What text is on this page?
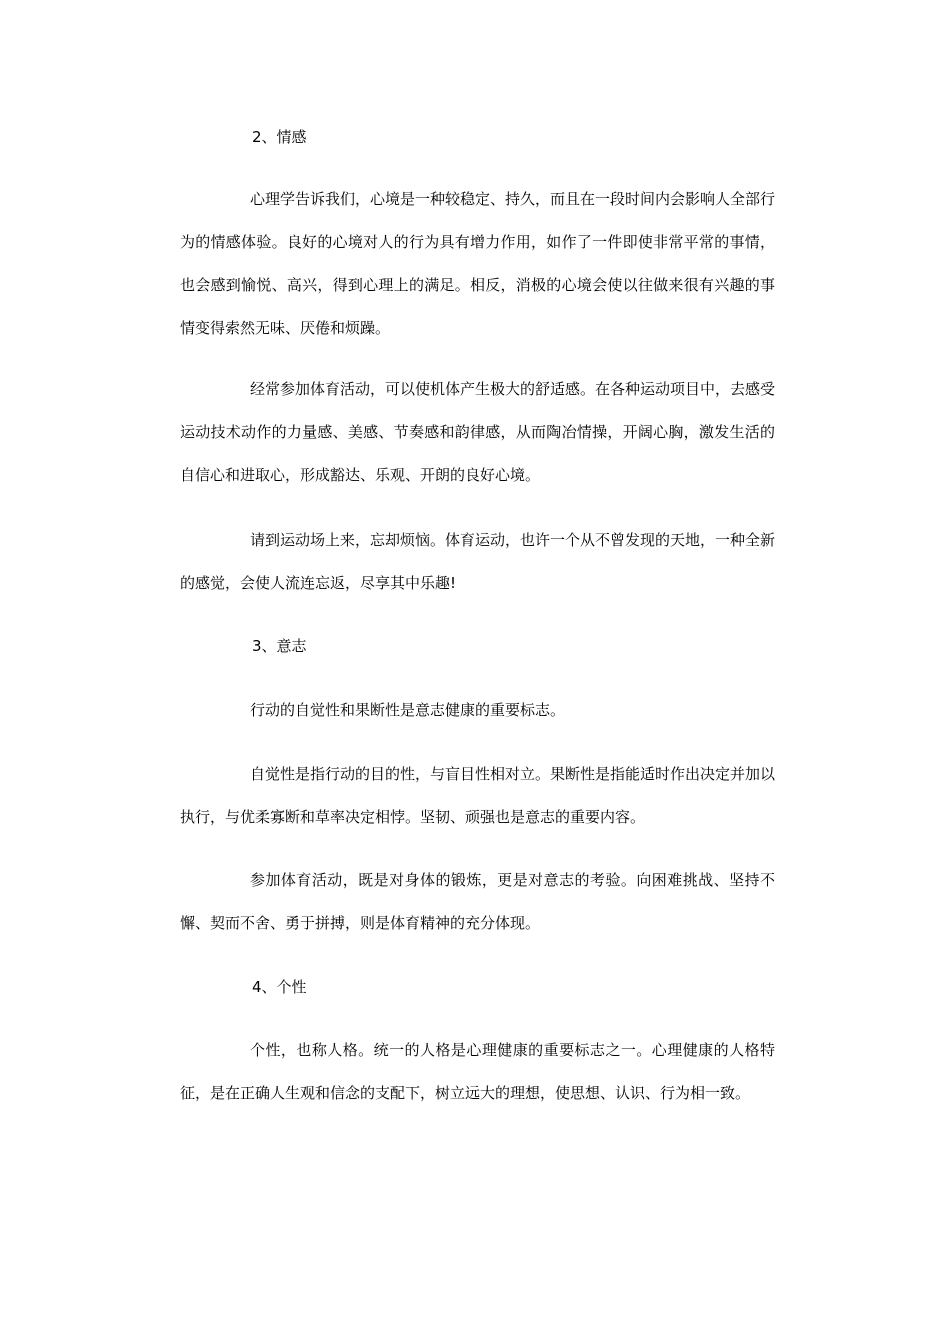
2、情感

心理学告诉我们，心境是一种较稳定、持久，而且在一段时间内会影响人全部行为的情感体验。良好的心境对人的行为具有增力作用，如作了一件即使非常平常的事情，也会感到愉悦、高兴，得到心理上的满足。相反，消极的心境会使以往做来很有兴趣的事情变得索然无味、厌倦和烦躁。

经常参加体育活动，可以使机体产生极大的舒适感。在各种运动项目中，去感受运动技术动作的力量感、美感、节奏感和韵律感，从而陶冶情操，开阔心胸，激发生活的自信心和进取心，形成豁达、乐观、开朗的良好心境。

请到运动场上来，忘却烦恼。体育运动，也许一个从不曾发现的天地，一种全新的感觉，会使人流连忘返，尽享其中乐趣!

3、意志

行动的自觉性和果断性是意志健康的重要标志。

自觉性是指行动的目的性，与盲目性相对立。果断性是指能适时作出决定并加以执行，与优柔寡断和草率决定相悖。坚韧、顽强也是意志的重要内容。

参加体育活动，既是对身体的锻炼，更是对意志的考验。向困难挑战、坚持不懈、契而不舍、勇于拼搏，则是体育精神的充分体现。

4、个性

个性，也称人格。统一的人格是心理健康的重要标志之一。心理健康的人格特征，是在正确人生观和信念的支配下，树立远大的理想，使思想、认识、行为相一致。
